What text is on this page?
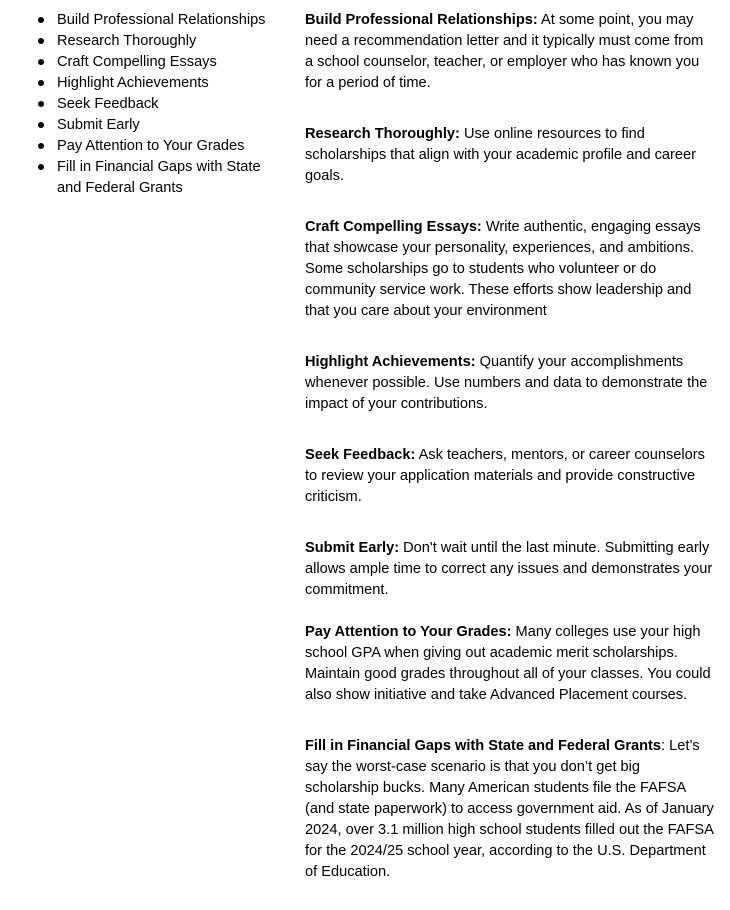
Build Professional Relationships
Research Thoroughly
Craft Compelling Essays
Highlight Achievements
Seek Feedback
Submit Early
Pay Attention to Your Grades
Fill in Financial Gaps with State and Federal Grants

Build Professional Relationships: At some point, you may need a recommendation letter and it typically must come from a school counselor, teacher, or employer who has known you for a period of time.

Research Thoroughly: Use online resources to find scholarships that align with your academic profile and career goals.

Craft Compelling Essays: Write authentic, engaging essays that showcase your personality, experiences, and ambitions. Some scholarships go to students who volunteer or do community service work. These efforts show leadership and that you care about your environment

Highlight Achievements: Quantify your accomplishments whenever possible. Use numbers and data to demonstrate the impact of your contributions.

Seek Feedback: Ask teachers, mentors, or career counselors to review your application materials and provide constructive criticism.

Submit Early: Don't wait until the last minute. Submitting early allows ample time to correct any issues and demonstrates your commitment.

Pay Attention to Your Grades: Many colleges use your high school GPA when giving out academic merit scholarships. Maintain good grades throughout all of your classes. You could also show initiative and take Advanced Placement courses.

Fill in Financial Gaps with State and Federal Grants: Let’s say the worst-case scenario is that you don’t get big scholarship bucks. Many American students file the FAFSA (and state paperwork) to access government aid. As of January 2024, over 3.1 million high school students filled out the FAFSA for the 2024/25 school year, according to the U.S. Department of Education.
